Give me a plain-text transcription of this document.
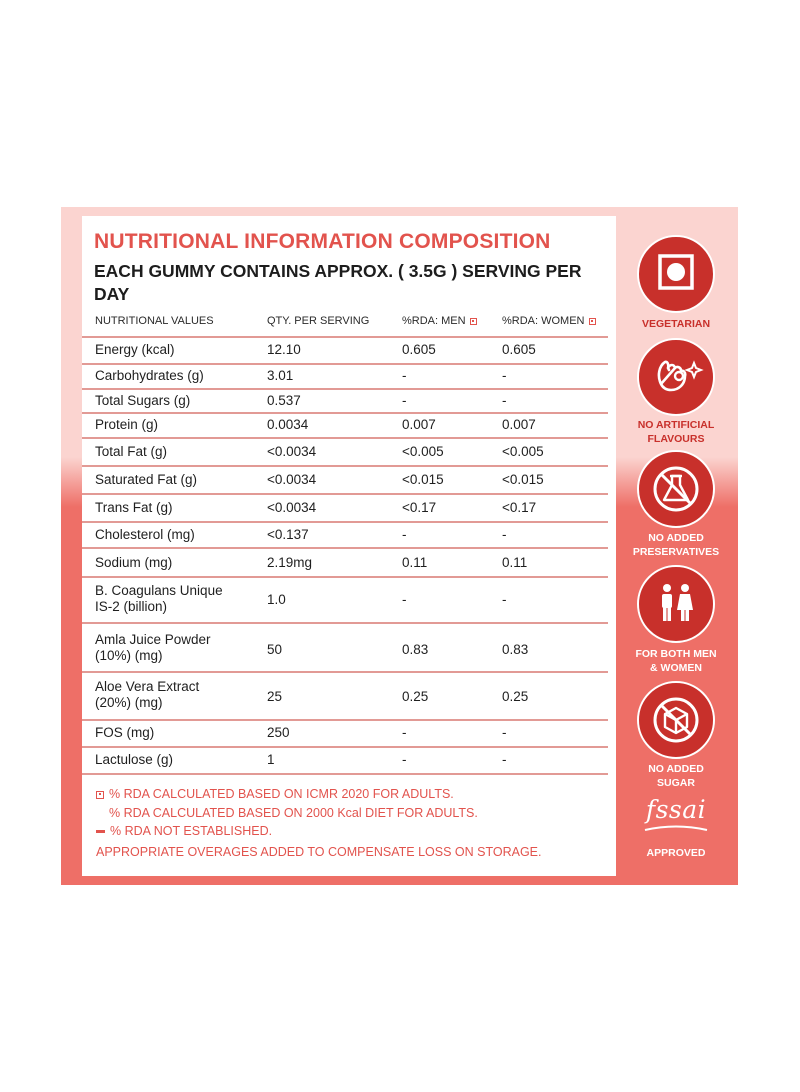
NUTRITIONAL INFORMATION COMPOSITION
EACH GUMMY CONTAINS APPROX. ( 3.5G ) SERVING PER DAY
NUTRITIONAL VALUES	QTY. PER SERVING	%RDA: MEN	%RDA: WOMEN
Energy (kcal)	12.10	0.605	0.605
Carbohydrates (g)	3.01	-	-
Total Sugars (g)	0.537	-	-
Protein (g)	0.0034	0.007	0.007
Total Fat (g)	<0.0034	<0.005	<0.005
Saturated Fat (g)	<0.0034	<0.015	<0.015
Trans Fat (g)	<0.0034	<0.17	<0.17
Cholesterol (mg)	<0.137	-	-
Sodium (mg)	2.19mg	0.11	0.11
B. Coagulans Unique
IS-2 (billion)	1.0	-	-
Amla Juice Powder
(10%) (mg)	50	0.83	0.83
Aloe Vera Extract
(20%) (mg)	25	0.25	0.25
FOS (mg)	250	-	-
Lactulose (g)	1	-	-
% RDA CALCULATED BASED ON ICMR 2020 FOR ADULTS.
% RDA CALCULATED BASED ON 2000 Kcal DIET FOR ADULTS.
% RDA NOT ESTABLISHED.
APPROPRIATE OVERAGES ADDED TO COMPENSATE LOSS ON STORAGE.
VEGETARIAN
NO ARTIFICIAL
FLAVOURS
NO ADDED
PRESERVATIVES
FOR BOTH MEN
& WOMEN
NO ADDED
SUGAR
fssai
APPROVED
